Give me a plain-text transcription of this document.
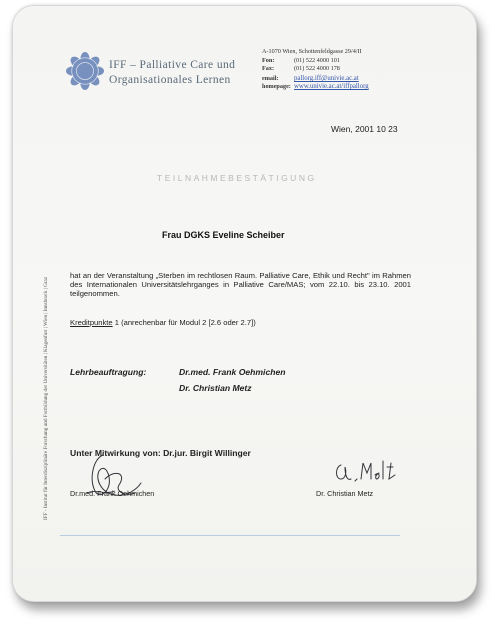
IFF – Palliative Care und
Organisationales Lernen
A-1070 Wien, Schottenfeldgasse 29/4/II
Fon:	(01) 522 4000 101
Fax:	(01) 522 4000 178
email: pallorg.iff@univie.ac.at
homepage: www.univie.ac.at/iffpallorg
Wien, 2001 10 23
TEILNAHMEBESTÄTIGUNG
IFF - Institut für Interdisziplinäre Forschung und Fortbildung der Universitäten | Klagenfurt | Wien | Innsbruck | Graz
Frau DGKS Eveline Scheiber
hat an der Veranstaltung „Sterben im rechtlosen Raum. Palliative Care, Ethik und Recht" im Rahmen des Internationalen Universitätslehrganges in Palliative Care/MAS; vom 22.10. bis 23.10. 2001 teilgenommen.
Kreditpunkte 1 (anrechenbar für Modul 2 [2.6 oder 2.7])
Lehrbeauftragung:	Dr.med. Frank Oehmichen
Dr. Christian Metz
Unter Mitwirkung von: Dr.jur. Birgit Willinger
Dr.med. Frank Oehmichen	Dr. Christian Metz
